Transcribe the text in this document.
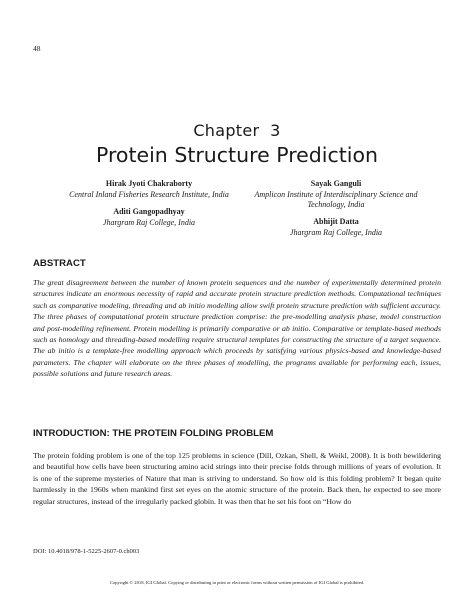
48
Chapter  3
Protein Structure Prediction
Hirak Jyoti Chakraborty
Central Inland Fisheries Research Institute, India
Sayak Ganguli
Amplicon Institute of Interdisciplinary Science and Technology, India
Aditi Gangopadhyay
Jhargram Raj College, India	Abhijit Datta
Jhargram Raj College, India
ABSTRACT

The great disagreement between the number of known protein sequences and the number of experimentally determined protein structures indicate an enormous necessity of rapid and accurate protein structure prediction methods. Computational techniques such as comparative modeling, threading and ab initio modelling allow swift protein structure prediction with sufficient accuracy. The three phases of computational protein structure prediction comprise: the pre-modelling analysis phase, model construction and post-modelling refinement. Protein modelling is primarily comparative or ab initio. Comparative or template-based methods such as homology and threading-based modelling require structural templates for constructing the structure of a target sequence. The ab initio is a template-free modelling approach which proceeds by satisfying various physics-based and knowledge-based parameters. The chapter will elaborate on the three phases of modelling, the programs available for performing each, issues, possible solutions and future research areas.

INTRODUCTION: THE PROTEIN FOLDING PROBLEM

The protein folding problem is one of the top 125 problems in science (Dill, Ozkan, Shell, & Weikl, 2008). It is both bewildering and beautiful how cells have been structuring amino acid strings into their precise folds through millions of years of evolution. It is one of the supreme mysteries of Nature that man is striving to understand. So how old is this folding problem? It began quite harmlessly in the 1960s when mankind first set eyes on the atomic structure of the protein. Back then, he expected to see more regular structures, instead of the irregularly packed globin. It was then that he set his foot on “How do

DOI: 10.4018/978-1-5225-2607-0.ch003
Copyright © 2018, IGI Global. Copying or distributing in print or electronic forms without written permission of IGI Global is prohibited.
